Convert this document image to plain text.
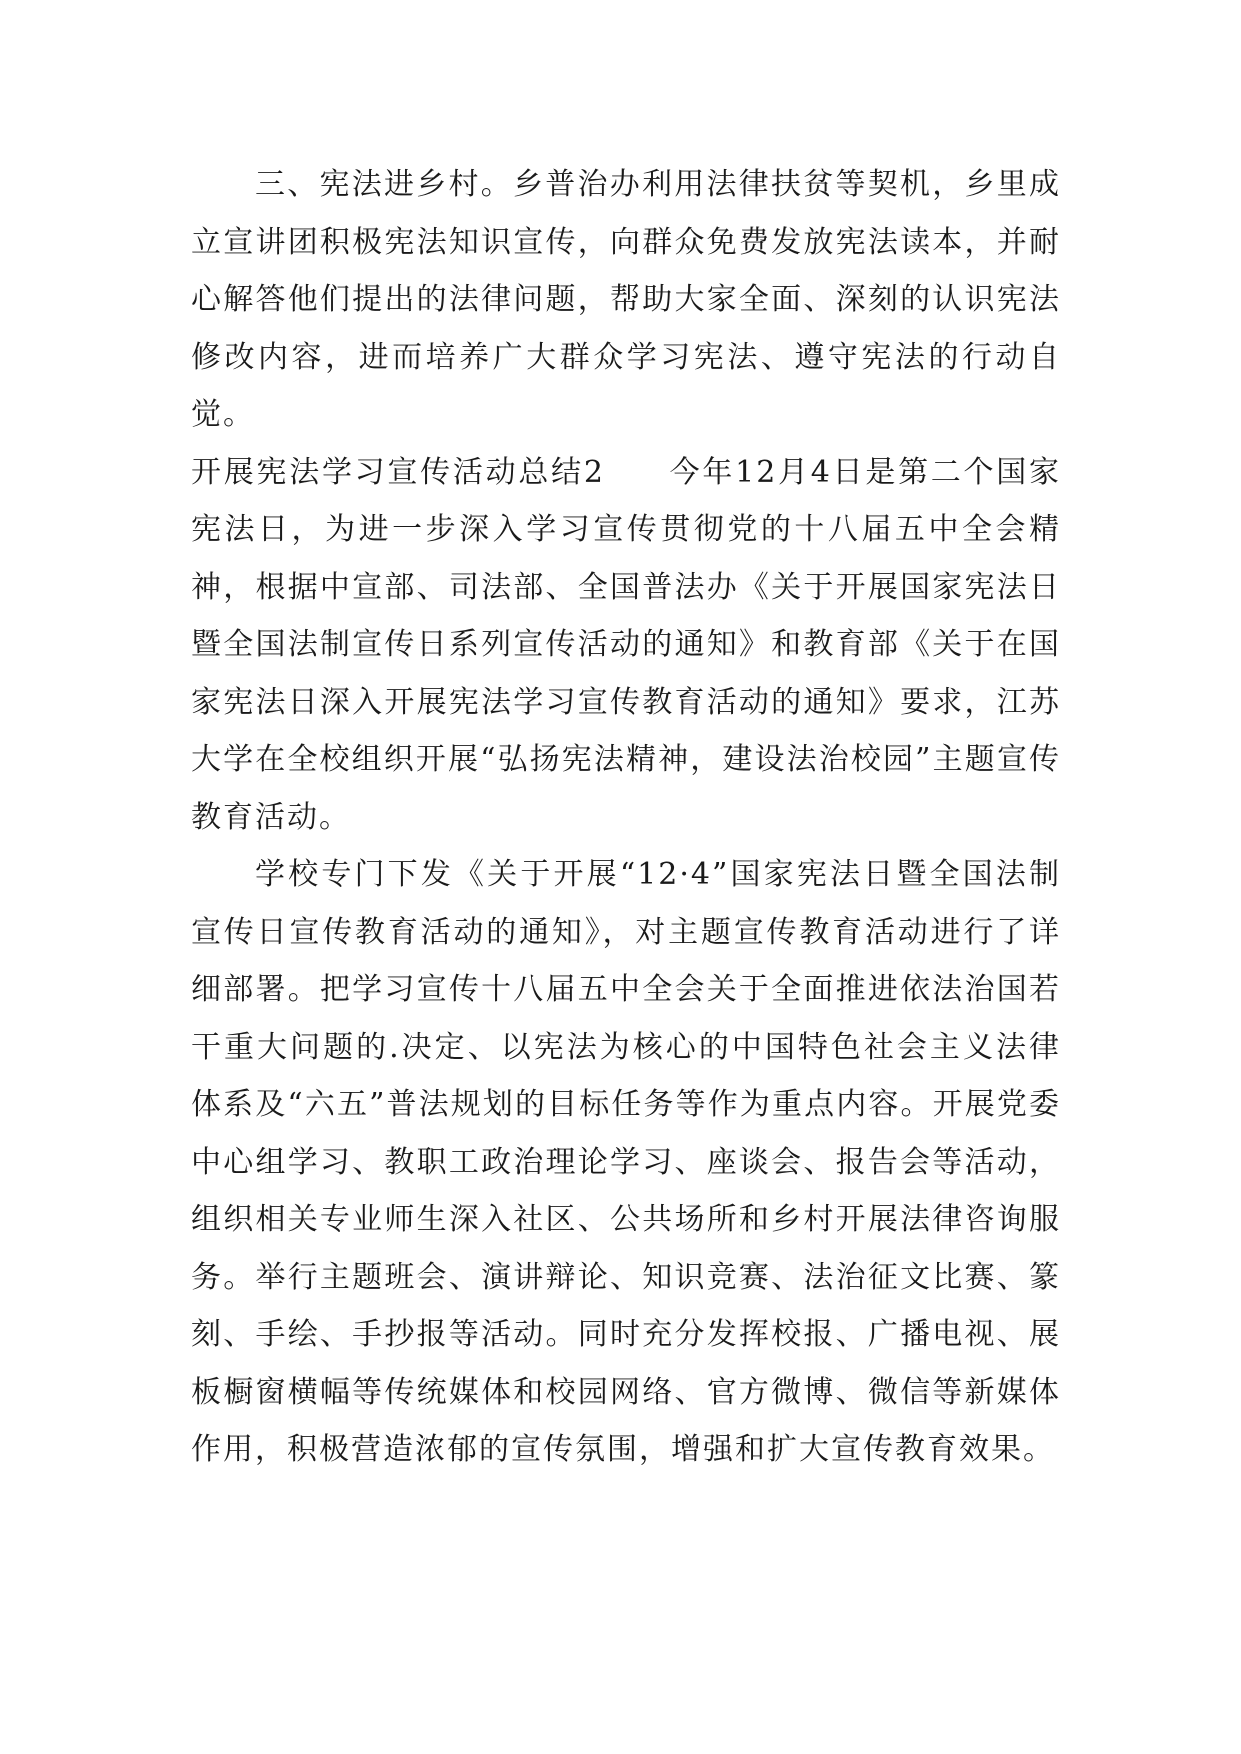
三、宪法进乡村。乡普治办利用法律扶贫等契机，乡里成立宣讲团积极宪法知识宣传，向群众免费发放宪法读本，并耐心解答他们提出的法律问题，帮助大家全面、深刻的认识宪法修改内容，进而培养广大群众学习宪法、遵守宪法的行动自觉。

开展宪法学习宣传活动总结2 今年12月4日是第二个国家宪法日，为进一步深入学习宣传贯彻党的十八届五中全会精神，根据中宣部、司法部、全国普法办《关于开展国家宪法日暨全国法制宣传日系列宣传活动的通知》和教育部《关于在国家宪法日深入开展宪法学习宣传教育活动的通知》要求，江苏大学在全校组织开展“弘扬宪法精神，建设法治校园”主题宣传教育活动。

学校专门下发《关于开展“12·4”国家宪法日暨全国法制宣传日宣传教育活动的通知》，对主题宣传教育活动进行了详细部署。把学习宣传十八届五中全会关于全面推进依法治国若干重大问题的.决定、以宪法为核心的中国特色社会主义法律体系及“六五”普法规划的目标任务等作为重点内容。开展党委中心组学习、教职工政治理论学习、座谈会、报告会等活动，组织相关专业师生深入社区、公共场所和乡村开展法律咨询服务。举行主题班会、演讲辩论、知识竞赛、法治征文比赛、篆刻、手绘、手抄报等活动。同时充分发挥校报、广播电视、展板橱窗横幅等传统媒体和校园网络、官方微博、微信等新媒体作用，积极营造浓郁的宣传氛围，增强和扩大宣传教育效果。
